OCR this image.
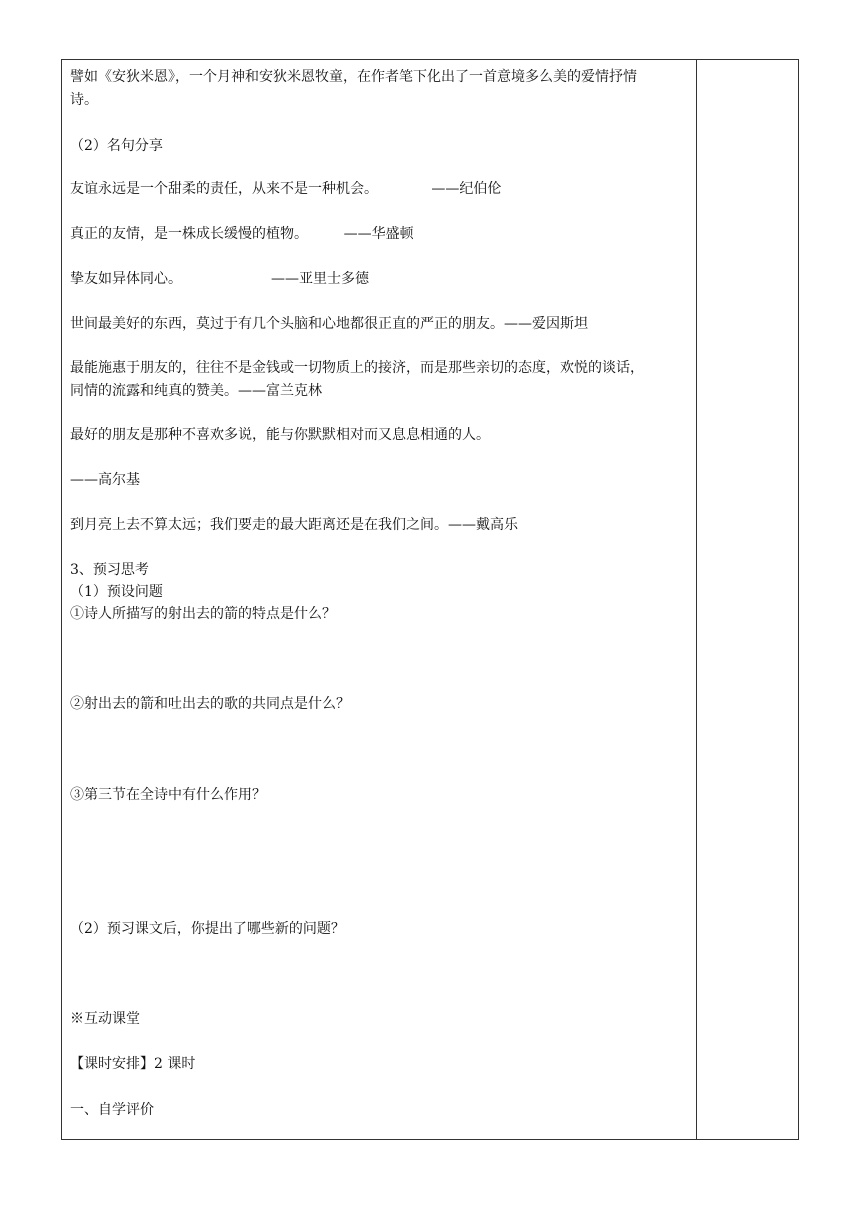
譬如《安狄米恩》，一个月神和安狄米恩牧童，在作者笔下化出了一首意境多么美的爱情抒情
诗。
（2）名句分享
友谊永远是一个甜柔的责任，从来不是一种机会。            ——纪伯伦
真正的友情，是一株成长缓慢的植物。        ——华盛顿
挚友如异体同心。                    ——亚里士多德
世间最美好的东西，莫过于有几个头脑和心地都很正直的严正的朋友。——爱因斯坦
最能施惠于朋友的，往往不是金钱或一切物质上的接济，而是那些亲切的态度，欢悦的谈话，
同情的流露和纯真的赞美。——富兰克林
最好的朋友是那种不喜欢多说，能与你默默相对而又息息相通的人。
——高尔基
到月亮上去不算太远；我们要走的最大距离还是在我们之间。——戴高乐
3、预习思考
（1）预设问题
①诗人所描写的射出去的箭的特点是什么？
②射出去的箭和吐出去的歌的共同点是什么？
③第三节在全诗中有什么作用？
（2）预习课文后，你提出了哪些新的问题？
※互动课堂
【课时安排】2 课时
一、自学评价
